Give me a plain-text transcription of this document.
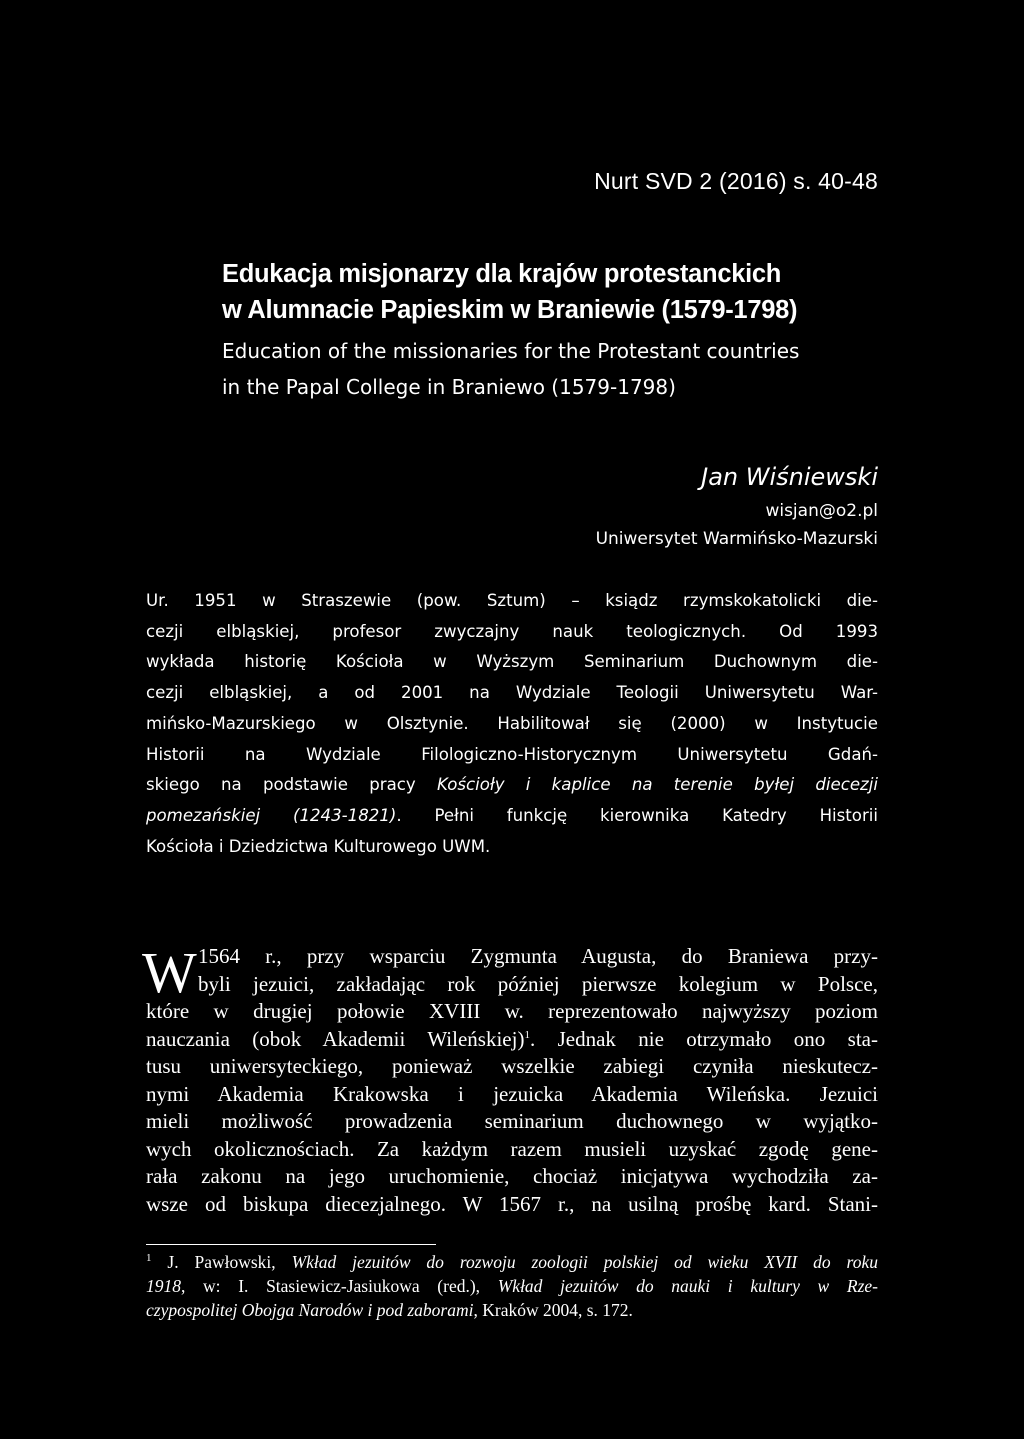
Nurt SVD 2 (2016) s. 40-48
Edukacja misjonarzy dla krajów protestanckich
w Alumnacie Papieskim w Braniewie (1579-1798)
Education of the missionaries for the Protestant countries
in the Papal College in Braniewo (1579-1798)
Jan Wiśniewski
wisjan@o2.pl
Uniwersytet Warmińsko-Mazurski
Ur. 1951 w Straszewie (pow. Sztum) – ksiądz rzymskokatolicki die-
cezji elbląskiej, profesor zwyczajny nauk teologicznych. Od 1993
wykłada historię Kościoła w Wyższym Seminarium Duchownym die-
cezji elbląskiej, a od 2001 na Wydziale Teologii Uniwersytetu War-
mińsko-Mazurskiego w Olsztynie. Habilitował się (2000) w Instytucie
Historii na Wydziale Filologiczno-Historycznym Uniwersytetu Gdań-
skiego na podstawie pracy Kościoły i kaplice na terenie byłej diecezji
pomezańskiej (1243-1821). Pełni funkcję kierownika Katedry Historii
Kościoła i Dziedzictwa Kulturowego UWM.
W 1564 r., przy wsparciu Zygmunta Augusta, do Braniewa przy-
byli jezuici, zakładając rok później pierwsze kolegium w Polsce,
które w drugiej połowie XVIII w. reprezentowało najwyższy poziom
nauczania (obok Akademii Wileńskiej)$^1$. Jednak nie otrzymało ono sta-
tusu uniwersyteckiego, ponieważ wszelkie zabiegi czyniła nieskutecz-
nymi Akademia Krakowska i jezuicka Akademia Wileńska. Jezuici
mieli możliwość prowadzenia seminarium duchownego w wyjątko-
wych okolicznościach. Za każdym razem musieli uzyskać zgodę gene-
rała zakonu na jego uruchomienie, chociaż inicjatywa wychodziła za-
wsze od biskupa diecezjalnego. W 1567 r., na usilną prośbę kard. Stani-
$^1$ J. Pawłowski, Wkład jezuitów do rozwoju zoologii polskiej od wieku XVII do roku
1918, w: I. Stasiewicz-Jasiukowa (red.), Wkład jezuitów do nauki i kultury w Rze-
czypospolitej Obojga Narodów i pod zaborami, Kraków 2004, s. 172.
